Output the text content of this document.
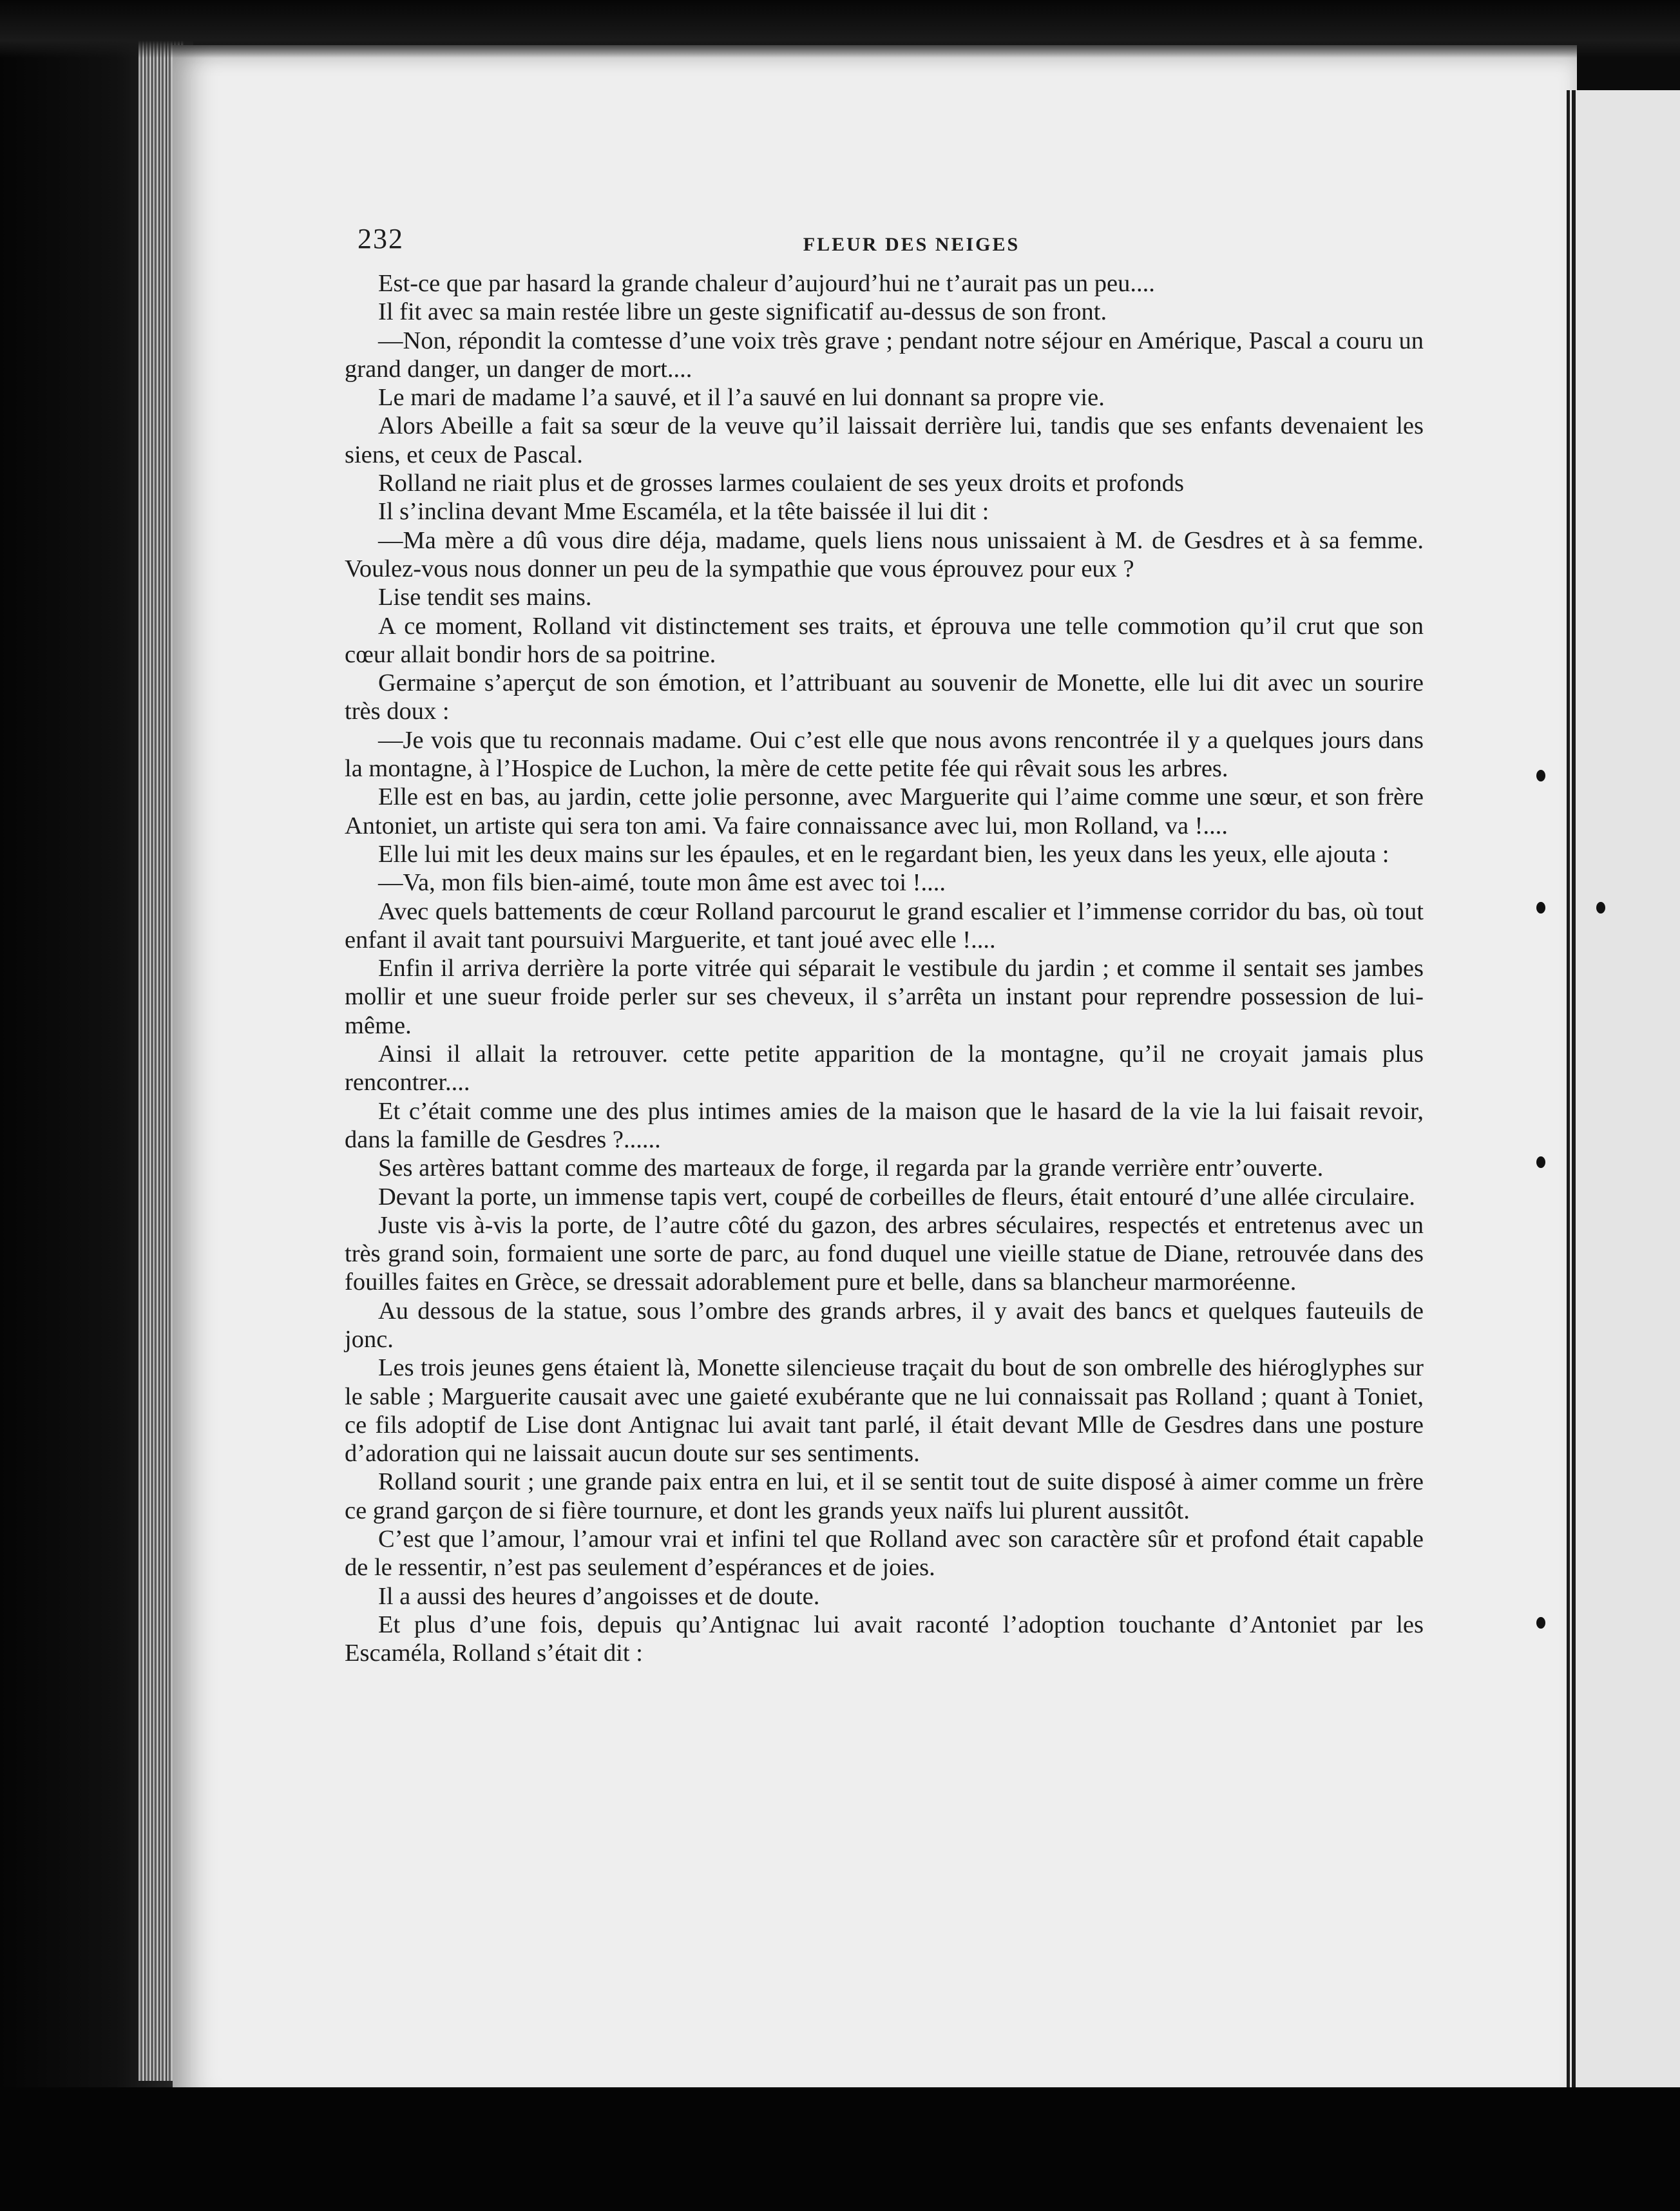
232	FLEUR DES NEIGES

Est-ce que par hasard la grande chaleur d’aujourd’hui ne t’aurait pas un peu....

Il fit avec sa main restée libre un geste significatif au-dessus de son front.

—Non, répondit la comtesse d’une voix très grave ; pendant notre séjour en Amérique, Pascal a couru un grand danger, un danger de mort....

Le mari de madame l’a sauvé, et il l’a sauvé en lui donnant sa propre vie.

Alors Abeille a fait sa sœur de la veuve qu’il laissait derrière lui, tandis que ses enfants devenaient les siens, et ceux de Pascal.

Rolland ne riait plus et de grosses larmes coulaient de ses yeux droits et profonds

Il s’inclina devant Mme Escaméla, et la tête baissée il lui dit :

—Ma mère a dû vous dire déja, madame, quels liens nous unissaient à M. de Gesdres et à sa femme. Voulez-vous nous donner un peu de la sympathie que vous éprouvez pour eux ?

Lise tendit ses mains.

A ce moment, Rolland vit distinctement ses traits, et éprouva une telle commotion qu’il crut que son cœur allait bondir hors de sa poitrine.

Germaine s’aperçut de son émotion, et l’attribuant au souvenir de Monette, elle lui dit avec un sourire très doux :

—Je vois que tu reconnais madame. Oui c’est elle que nous avons rencontrée il y a quelques jours dans la montagne, à l’Hospice de Luchon, la mère de cette petite fée qui rêvait sous les arbres.

Elle est en bas, au jardin, cette jolie personne, avec Marguerite qui l’aime comme une sœur, et son frère Antoniet, un artiste qui sera ton ami. Va faire connaissance avec lui, mon Rolland, va !....

Elle lui mit les deux mains sur les épaules, et en le regardant bien, les yeux dans les yeux, elle ajouta :

—Va, mon fils bien-aimé, toute mon âme est avec toi !....

Avec quels battements de cœur Rolland parcourut le grand escalier et l’immense corridor du bas, où tout enfant il avait tant poursuivi Marguerite, et tant joué avec elle !....

Enfin il arriva derrière la porte vitrée qui séparait le vestibule du jardin ; et comme il sentait ses jambes mollir et une sueur froide perler sur ses cheveux, il s’arrêta un instant pour reprendre possession de lui-même.

Ainsi il allait la retrouver. cette petite apparition de la montagne, qu’il ne croyait jamais plus rencontrer....

Et c’était comme une des plus intimes amies de la maison que le hasard de la vie la lui faisait revoir, dans la famille de Gesdres ?......

Ses artères battant comme des marteaux de forge, il regarda par la grande verrière entr’ouverte.

Devant la porte, un immense tapis vert, coupé de corbeilles de fleurs, était entouré d’une allée circulaire.

Juste vis à-vis la porte, de l’autre côté du gazon, des arbres séculaires, respectés et entretenus avec un très grand soin, formaient une sorte de parc, au fond duquel une vieille statue de Diane, retrouvée dans des fouilles faites en Grèce, se dressait adorablement pure et belle, dans sa blancheur marmoréenne.

Au dessous de la statue, sous l’ombre des grands arbres, il y avait des bancs et quelques fauteuils de jonc.

Les trois jeunes gens étaient là, Monette silencieuse traçait du bout de son ombrelle des hiéroglyphes sur le sable ; Marguerite causait avec une gaieté exubérante que ne lui connaissait pas Rolland ; quant à Toniet, ce fils adoptif de Lise dont Antignac lui avait tant parlé, il était devant Mlle de Gesdres dans une posture d’adoration qui ne laissait aucun doute sur ses sentiments.

Rolland sourit ; une grande paix entra en lui, et il se sentit tout de suite disposé à aimer comme un frère ce grand garçon de si fière tournure, et dont les grands yeux naïfs lui plurent aussitôt.

C’est que l’amour, l’amour vrai et infini tel que Rolland avec son caractère sûr et profond était capable de le ressentir, n’est pas seulement d’espérances et de joies.

Il a aussi des heures d’angoisses et de doute.

Et plus d’une fois, depuis qu’Antignac lui avait raconté l’adoption touchante d’Antoniet par les Escaméla, Rolland s’était dit :
